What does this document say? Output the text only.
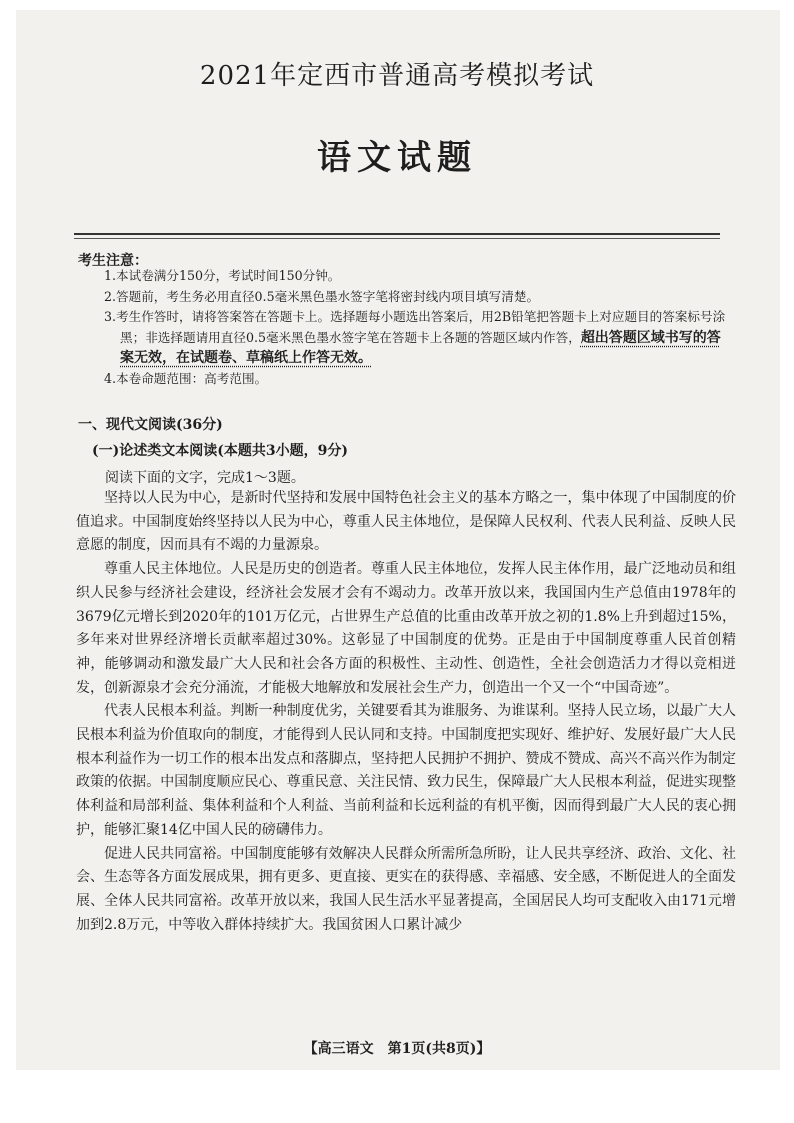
2021年定西市普通高考模拟考试
语文试题
考生注意：

1.本试卷满分150分，考试时间150分钟。

2.答题前，考生务必用直径0.5毫米黑色墨水签字笔将密封线内项目填写清楚。

3.考生作答时，请将答案答在答题卡上。选择题每小题选出答案后，用2B铅笔把答题卡上对应题目的答案标号涂黑；非选择题请用直径0.5毫米黑色墨水签字笔在答题卡上各题的答题区域内作答，超出答题区域书写的答案无效，在试题卷、草稿纸上作答无效。

4.本卷命题范围：高考范围。

一、现代文阅读(36分)
(一)论述类文本阅读(本题共3小题，9分)
阅读下面的文字，完成1～3题。

坚持以人民为中心，是新时代坚持和发展中国特色社会主义的基本方略之一，集中体现了中国制度的价值追求。中国制度始终坚持以人民为中心，尊重人民主体地位，是保障人民权利、代表人民利益、反映人民意愿的制度，因而具有不竭的力量源泉。

尊重人民主体地位。人民是历史的创造者。尊重人民主体地位，发挥人民主体作用，最广泛地动员和组织人民参与经济社会建设，经济社会发展才会有不竭动力。改革开放以来，我国国内生产总值由1978年的3679亿元增长到2020年的101万亿元，占世界生产总值的比重由改革开放之初的1.8%上升到超过15%，多年来对世界经济增长贡献率超过30%。这彰显了中国制度的优势。正是由于中国制度尊重人民首创精神，能够调动和激发最广大人民和社会各方面的积极性、主动性、创造性，全社会创造活力才得以竞相迸发，创新源泉才会充分涌流，才能极大地解放和发展社会生产力，创造出一个又一个“中国奇迹”。

代表人民根本利益。判断一种制度优劣，关键要看其为谁服务、为谁谋利。坚持人民立场，以最广大人民根本利益为价值取向的制度，才能得到人民认同和支持。中国制度把实现好、维护好、发展好最广大人民根本利益作为一切工作的根本出发点和落脚点，坚持把人民拥护不拥护、赞成不赞成、高兴不高兴作为制定政策的依据。中国制度顺应民心、尊重民意、关注民情、致力民生，保障最广大人民根本利益，促进实现整体利益和局部利益、集体利益和个人利益、当前利益和长远利益的有机平衡，因而得到最广大人民的衷心拥护，能够汇聚14亿中国人民的磅礴伟力。

促进人民共同富裕。中国制度能够有效解决人民群众所需所急所盼，让人民共享经济、政治、文化、社会、生态等各方面发展成果，拥有更多、更直接、更实在的获得感、幸福感、安全感，不断促进人的全面发展、全体人民共同富裕。改革开放以来，我国人民生活水平显著提高，全国居民人均可支配收入由171元增加到2.8万元，中等收入群体持续扩大。我国贫困人口累计减少

【高三语文　第1页(共8页)】
